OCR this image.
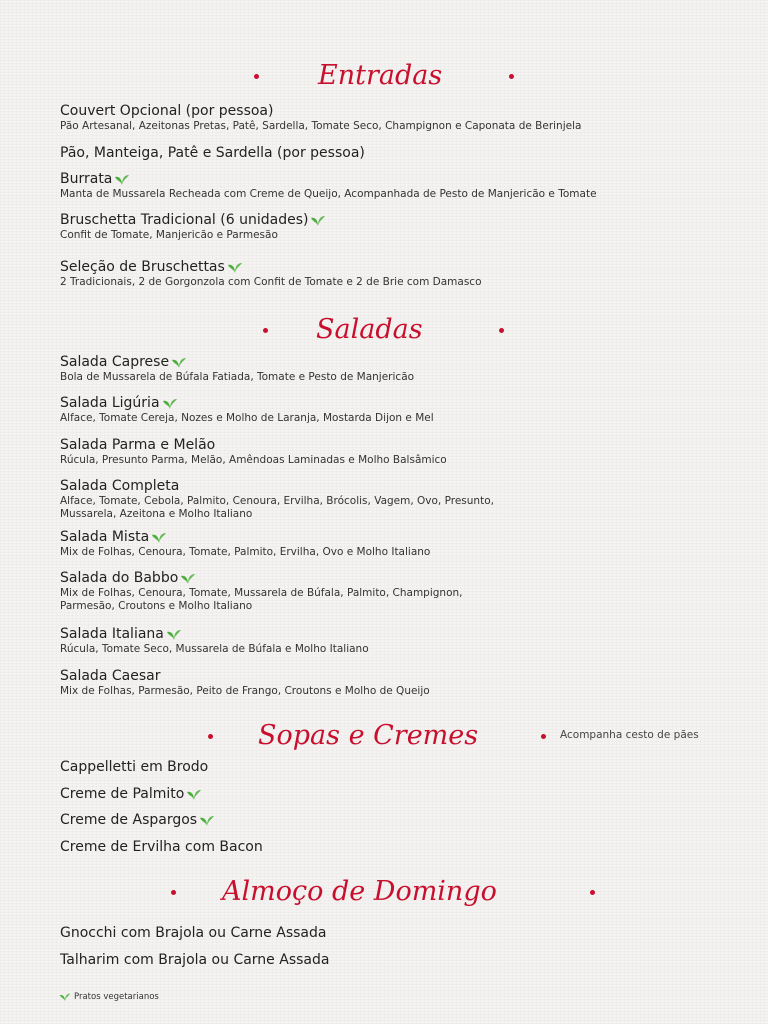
Entradas
Couvert Opcional (por pessoa)
Pão Artesanal, Azeitonas Pretas, Patê, Sardella, Tomate Seco, Champignon e Caponata de Berinjela
Pão, Manteiga, Patê e Sardella (por pessoa)
Burrata
Manta de Mussarela Recheada com Creme de Queijo, Acompanhada de Pesto de Manjericão e Tomate
Bruschetta Tradicional (6 unidades)
Confit de Tomate, Manjericão e Parmesão
Seleção de Bruschettas
2 Tradicionais, 2 de Gorgonzola com Confit de Tomate e 2 de Brie com Damasco
Saladas
Salada Caprese
Bola de Mussarela de Búfala Fatiada, Tomate e Pesto de Manjericão
Salada Ligúria
Alface, Tomate Cereja, Nozes e Molho de Laranja, Mostarda Dijon e Mel
Salada Parma e Melão
Rúcula, Presunto Parma, Melão, Amêndoas Laminadas e Molho Balsâmico
Salada Completa
Alface, Tomate, Cebola, Palmito, Cenoura, Ervilha, Brócolis, Vagem, Ovo, Presunto,
Mussarela, Azeitona e Molho Italiano
Salada Mista
Mix de Folhas, Cenoura, Tomate, Palmito, Ervilha, Ovo e Molho Italiano
Salada do Babbo
Mix de Folhas, Cenoura, Tomate, Mussarela de Búfala, Palmito, Champignon,
Parmesão, Croutons e Molho Italiano
Salada Italiana
Rúcula, Tomate Seco, Mussarela de Búfala e Molho Italiano
Salada Caesar
Mix de Folhas, Parmesão, Peito de Frango, Croutons e Molho de Queijo
Sopas e Cremes	Acompanha cesto de pães
Cappelletti em Brodo
Creme de Palmito
Creme de Aspargos
Creme de Ervilha com Bacon
Almoço de Domingo
Gnocchi com Brajola ou Carne Assada
Talharim com Brajola ou Carne Assada
Pratos vegetarianos
